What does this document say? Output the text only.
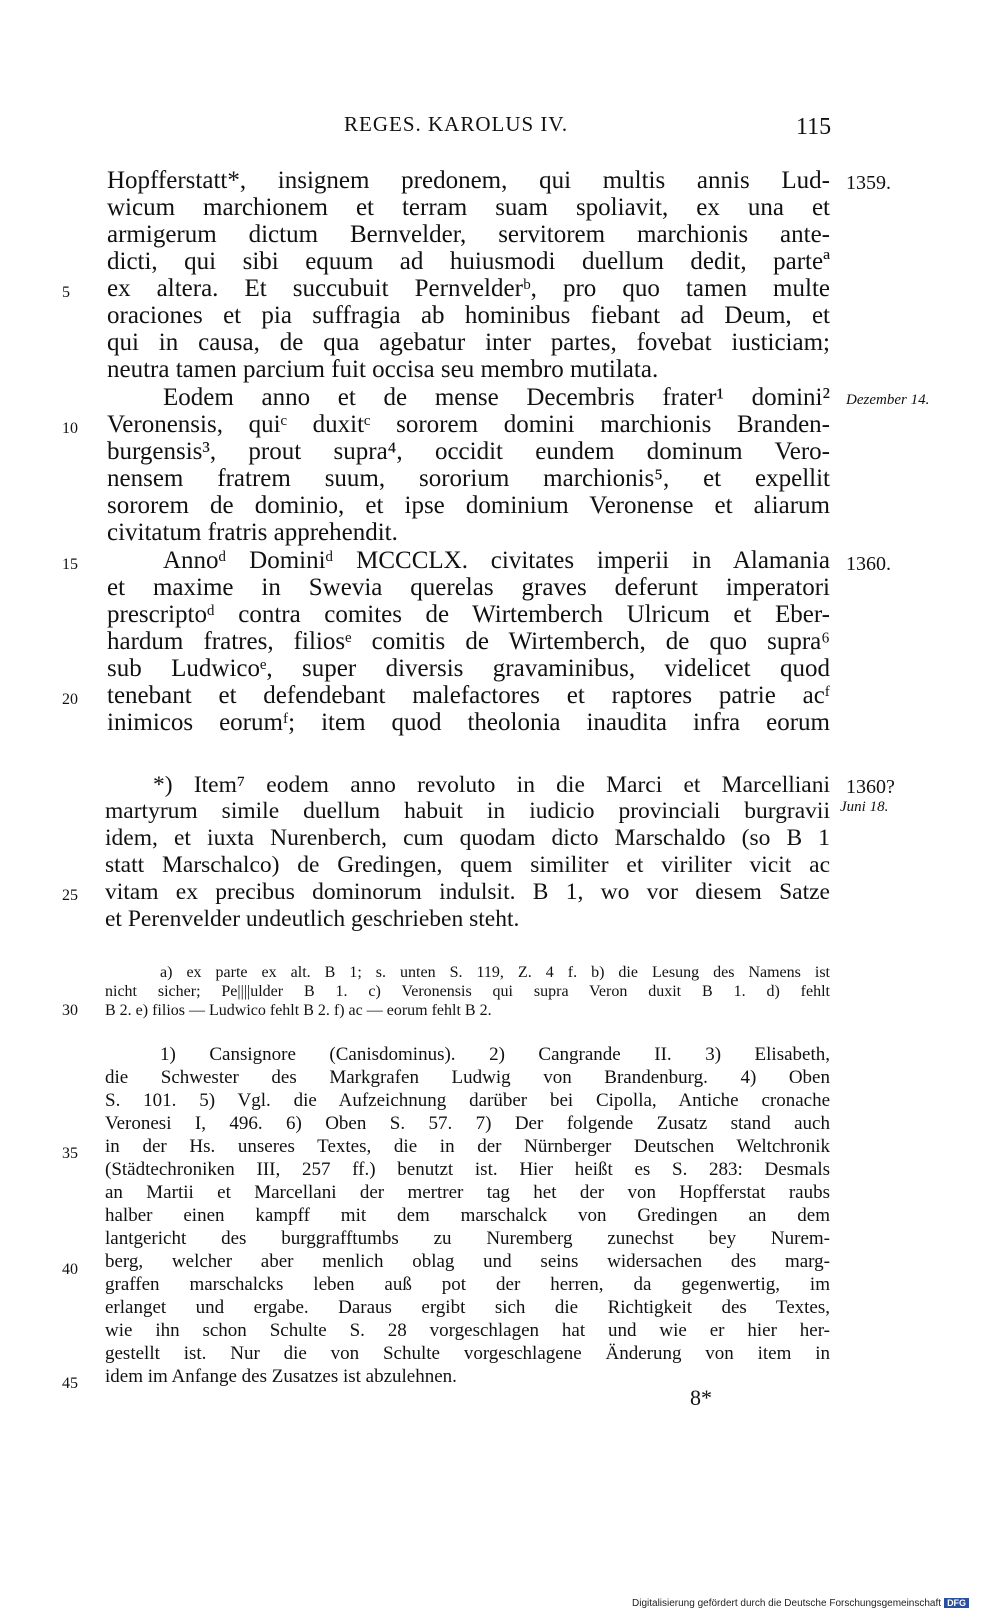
REGES. KAROLUS IV.	115
Hopfferstatt*, insignem predonem, qui multis annis Lud-
wicum marchionem et terram suam spoliavit, ex una et
armigerum dictum Bernvelder, servitorem marchionis ante-
dicti, qui sibi equum ad huiusmodi duellum dedit, parteª
ex altera. Et succubuit Pernvelderᵇ, pro quo tamen multe
oraciones et pia suffragia ab hominibus fiebant ad Deum, et
qui in causa, de qua agebatur inter partes, fovebat iusticiam;
neutra tamen parcium fuit occisa seu membro mutilata.
Eodem anno et de mense Decembris frater¹ domini²
Veronensis, quiᶜ duxitᶜ sororem domini marchionis Branden-
burgensis³, prout supra⁴, occidit eundem dominum Vero-
nensem fratrem suum, sororium marchionis⁵, et expellit
sororem de dominio, et ipse dominium Veronense et aliarum
civitatum fratris apprehendit.
Annoᵈ Dominiᵈ MCCCLX. civitates imperii in Alamania
et maxime in Swevia querelas graves deferunt imperatori
prescriptoᵈ contra comites de Wirtemberch Ulricum et Eber-
hardum fratres, filiosᵉ comitis de Wirtemberch, de quo supra⁶
sub Ludwicoᵉ, super diversis gravaminibus, videlicet quod
tenebant et defendebant malefactores et raptores patrie acᶠ
inimicos eorumᶠ; item quod theolonia inaudita infra eorum
*) Item⁷ eodem anno revoluto in die Marci et Marcelliani
martyrum simile duellum habuit in iudicio provinciali burgravii
idem, et iuxta Nurenberch, cum quodam dicto Marschaldo (so B 1
statt Marschalco) de Gredingen, quem similiter et viriliter vicit ac
vitam ex precibus dominorum indulsit. B 1, wo vor diesem Satze
et Perenvelder undeutlich geschrieben steht.
a) ex parte ex alt. B 1; s. unten S. 119, Z. 4 f. b) die Lesung des Namens ist
nicht sicher; Pe||||ulder B 1. c) Veronensis qui supra Veron duxit B 1. d) fehlt
B 2. e) filios — Ludwico fehlt B 2. f) ac — eorum fehlt B 2.
1) Cansignore (Canisdominus). 2) Cangrande II. 3) Elisabeth,
die Schwester des Markgrafen Ludwig von Brandenburg. 4) Oben
S. 101. 5) Vgl. die Aufzeichnung darüber bei Cipolla, Antiche cronache
Veronesi I, 496. 6) Oben S. 57. 7) Der folgende Zusatz stand auch
in der Hs. unseres Textes, die in der Nürnberger Deutschen Weltchronik
(Städtechroniken III, 257 ff.) benutzt ist. Hier heißt es S. 283: Desmals
an Martii et Marcellani der mertrer tag het der von Hopfferstat raubs
halber einen kampff mit dem marschalck von Gredingen an dem
lantgericht des burggrafftumbs zu Nuremberg zunechst bey Nurem-
berg, welcher aber menlich oblag und seins widersachen des marg-
graffen marschalcks leben auß pot der herren, da gegenwertig, im
erlanget und ergabe. Daraus ergibt sich die Richtigkeit des Textes,
wie ihn schon Schulte S. 28 vorgeschlagen hat und wie er hier her-
gestellt ist. Nur die von Schulte vorgeschlagene Änderung von item in
idem im Anfange des Zusatzes ist abzulehnen.
5
10
15
20
25
30
35
40
45
1359.
Dezember 14.
1360.
1360?
Juni 18.
8*
Digitalisierung gefördert durch die Deutsche Forschungsgemeinschaft DFG
